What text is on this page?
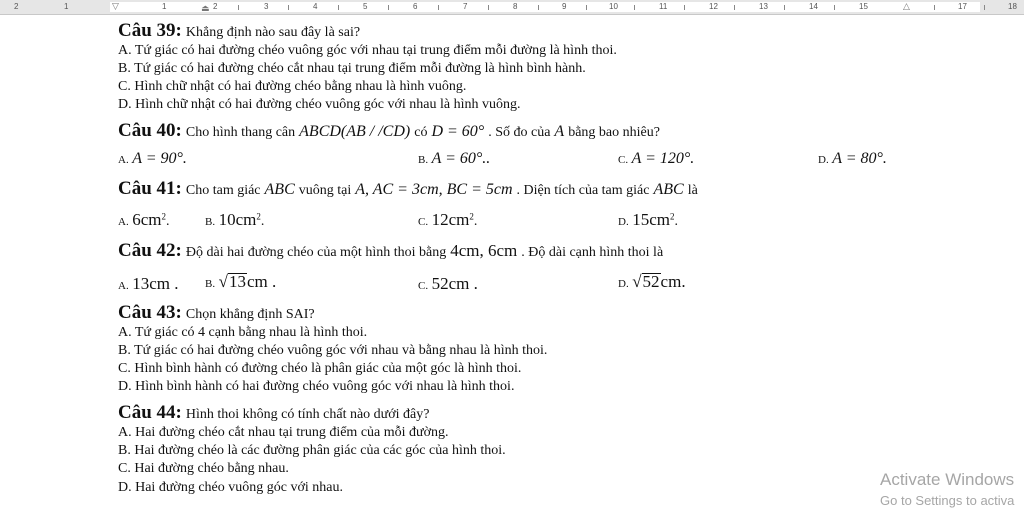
2	1	▽	1	⏏ 2	3	4	5	6	7	8	9	10	11	12	13	14	15	△	17	18
Câu 39: Khẳng định nào sau đây là sai?
A. Tứ giác có hai đường chéo vuông góc với nhau tại trung điểm mỗi đường là hình thoi.
B. Tứ giác có hai đường chéo cắt nhau tại trung điểm mỗi đường là hình bình hành.
C. Hình chữ nhật có hai đường chéo bằng nhau là hình vuông.
D. Hình chữ nhật có hai đường chéo vuông góc với nhau là hình vuông.
Câu 40: Cho hình thang cân ABCD(AB / /CD) có D = 60° . Số đo của A bằng bao nhiêu?
A. A = 90°.	B. A = 60°..	C. A = 120°.	D. A = 80°.
Câu 41: Cho tam giác ABC vuông tại A, AC = 3cm, BC = 5cm . Diện tích của tam giác ABC là
A. $6cm^2$.	B. $10cm^2$.	C. $12cm^2$.	D. $15cm^2$.
Câu 42: Độ dài hai đường chéo của một hình thoi bằng 4cm, 6cm . Độ dài cạnh hình thoi là
A. 13cm . B. √13cm .	C. 52cm .	D. √52cm.
Câu 43: Chọn khẳng định SAI?
A. Tứ giác có 4 cạnh bằng nhau là hình thoi.
B. Tứ giác có hai đường chéo vuông góc với nhau và bằng nhau là hình thoi.
C. Hình bình hành có đường chéo là phân giác của một góc là hình thoi.
D. Hình bình hành có hai đường chéo vuông góc với nhau là hình thoi.
Câu 44: Hình thoi không có tính chất nào dưới đây?
A. Hai đường chéo cắt nhau tại trung điểm của mỗi đường.
B. Hai đường chéo là các đường phân giác của các góc của hình thoi.
C. Hai đường chéo bằng nhau.
D. Hai đường chéo vuông góc với nhau.	Activate Windows
Go to Settings to activa
